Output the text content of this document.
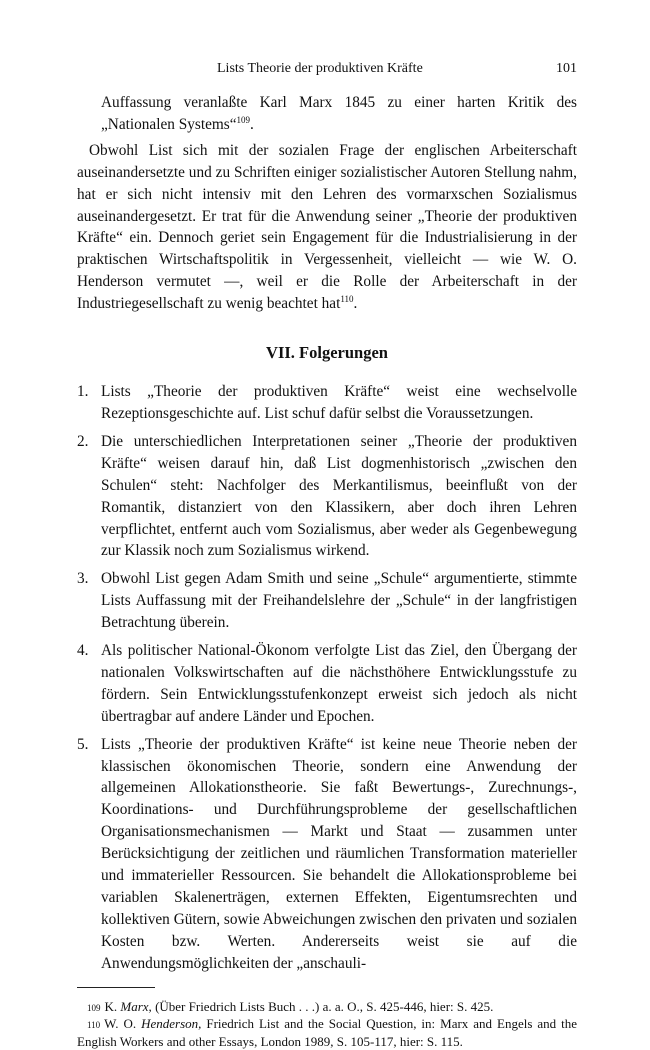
Lists Theorie der produktiven Kräfte	101

Auffassung veranlaßte Karl Marx 1845 zu einer harten Kritik des „Nationalen Systems“$^{109}$.

Obwohl List sich mit der sozialen Frage der englischen Arbeiterschaft auseinandersetzte und zu Schriften einiger sozialistischer Autoren Stellung nahm, hat er sich nicht intensiv mit den Lehren des vormarxschen Sozialismus auseinandergesetzt. Er trat für die Anwendung seiner „Theorie der produktiven Kräfte“ ein. Dennoch geriet sein Engagement für die Industrialisierung in der praktischen Wirtschaftspolitik in Vergessenheit, vielleicht — wie W. O. Henderson vermutet —, weil er die Rolle der Arbeiterschaft in der Industriegesellschaft zu wenig beachtet hat$^{110}$.

VII. Folgerungen
1. Lists „Theorie der produktiven Kräfte“ weist eine wechselvolle Rezeptionsgeschichte auf. List schuf dafür selbst die Voraussetzungen.
2. Die unterschiedlichen Interpretationen seiner „Theorie der produktiven Kräfte“ weisen darauf hin, daß List dogmenhistorisch „zwischen den Schulen“ steht: Nachfolger des Merkantilismus, beeinflußt von der Romantik, distanziert von den Klassikern, aber doch ihren Lehren verpflichtet, entfernt auch vom Sozialismus, aber weder als Gegenbewegung zur Klassik noch zum Sozialismus wirkend.
3. Obwohl List gegen Adam Smith und seine „Schule“ argumentierte, stimmte Lists Auffassung mit der Freihandelslehre der „Schule“ in der langfristigen Betrachtung überein.
4. Als politischer National-Ökonom verfolgte List das Ziel, den Übergang der nationalen Volkswirtschaften auf die nächsthöhere Entwicklungsstufe zu fördern. Sein Entwicklungsstufenkonzept erweist sich jedoch als nicht übertragbar auf andere Länder und Epochen.
5. Lists „Theorie der produktiven Kräfte“ ist keine neue Theorie neben der klassischen ökonomischen Theorie, sondern eine Anwendung der allgemeinen Allokationstheorie. Sie faßt Bewertungs-, Zurechnungs-, Koordinations- und Durchführungsprobleme der gesellschaftlichen Organisationsmechanismen — Markt und Staat — zusammen unter Berücksichtigung der zeitlichen und räumlichen Transformation materieller und immaterieller Ressourcen. Sie behandelt die Allokationsprobleme bei variablen Skalenerträgen, externen Effekten, Eigentumsrechten und kollektiven Gütern, sowie Abweichungen zwischen den privaten und sozialen Kosten bzw. Werten. Andererseits weist sie auf die Anwendungsmöglichkeiten der „anschauli-

$^{109}$ K. Marx, (Über Friedrich Lists Buch . . .) a. a. O., S. 425-446, hier: S. 425.

$^{110}$ W. O. Henderson, Friedrich List and the Social Question, in: Marx and Engels and the English Workers and other Essays, London 1989, S. 105-117, hier: S. 115.
